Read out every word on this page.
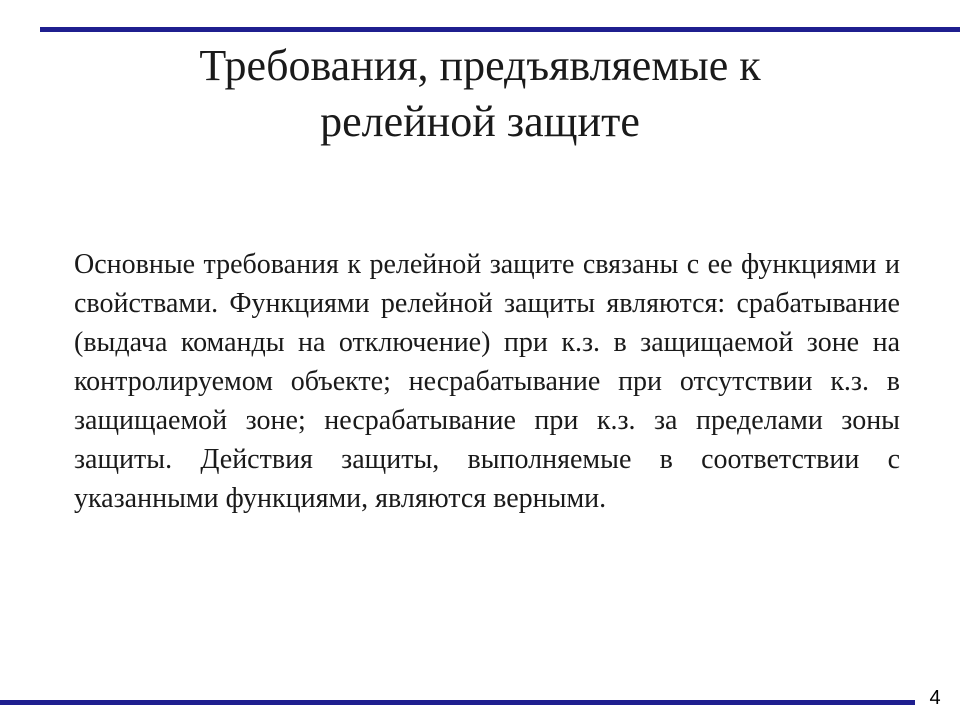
Требования, предъявляемые к
релейной защите

Основные требования к релейной защите связаны с ее функциями и свойствами. Функциями релейной защиты являются: срабатывание (выдача команды на отключение) при к.з. в защищаемой зоне на контролируемом объекте; несрабатывание при отсутствии к.з. в защищаемой зоне; несрабатывание при к.з. за пределами зоны защиты. Действия защиты, выполняемые в соответствии с указанными функциями, являются верными.

4
